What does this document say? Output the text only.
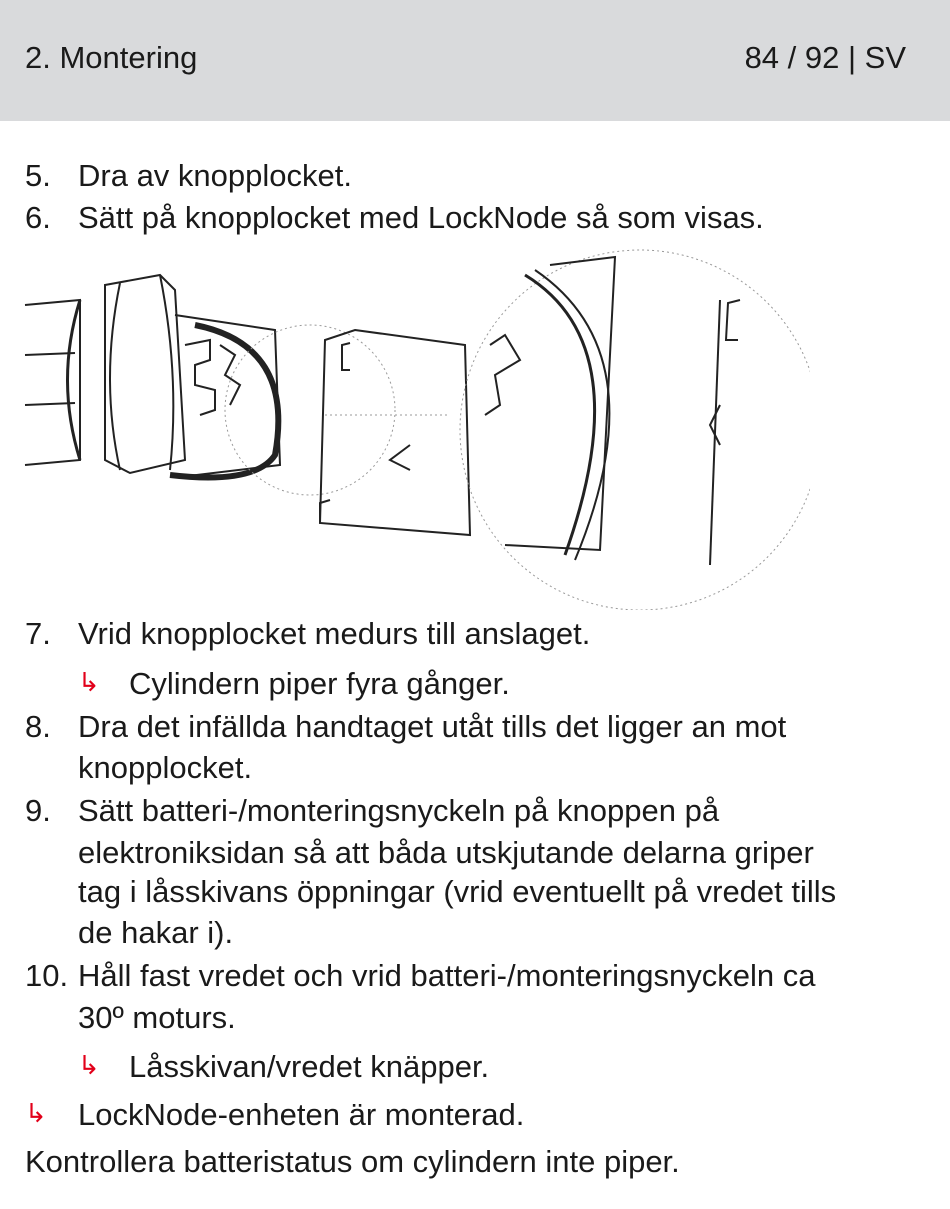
2. Montering	84 / 92 | SV
5. Dra av knopplocket.
6. Sätt på knopplocket med LockNode så som visas.
7. Vrid knopplocket medurs till anslaget.
↳ Cylindern piper fyra gånger.
8. Dra det infällda handtaget utåt tills det ligger an mot
knopplocket.
9. Sätt batteri-/monteringsnyckeln på knoppen på
elektroniksidan så att båda utskjutande delarna griper
tag i låsskivans öppningar (vrid eventuellt på vredet tills
de hakar i).
10. Håll fast vredet och vrid batteri-/monteringsnyckeln ca
30º moturs.
↳ Låsskivan/vredet knäpper.
↳ LockNode-enheten är monterad.
Kontrollera batteristatus om cylindern inte piper.
